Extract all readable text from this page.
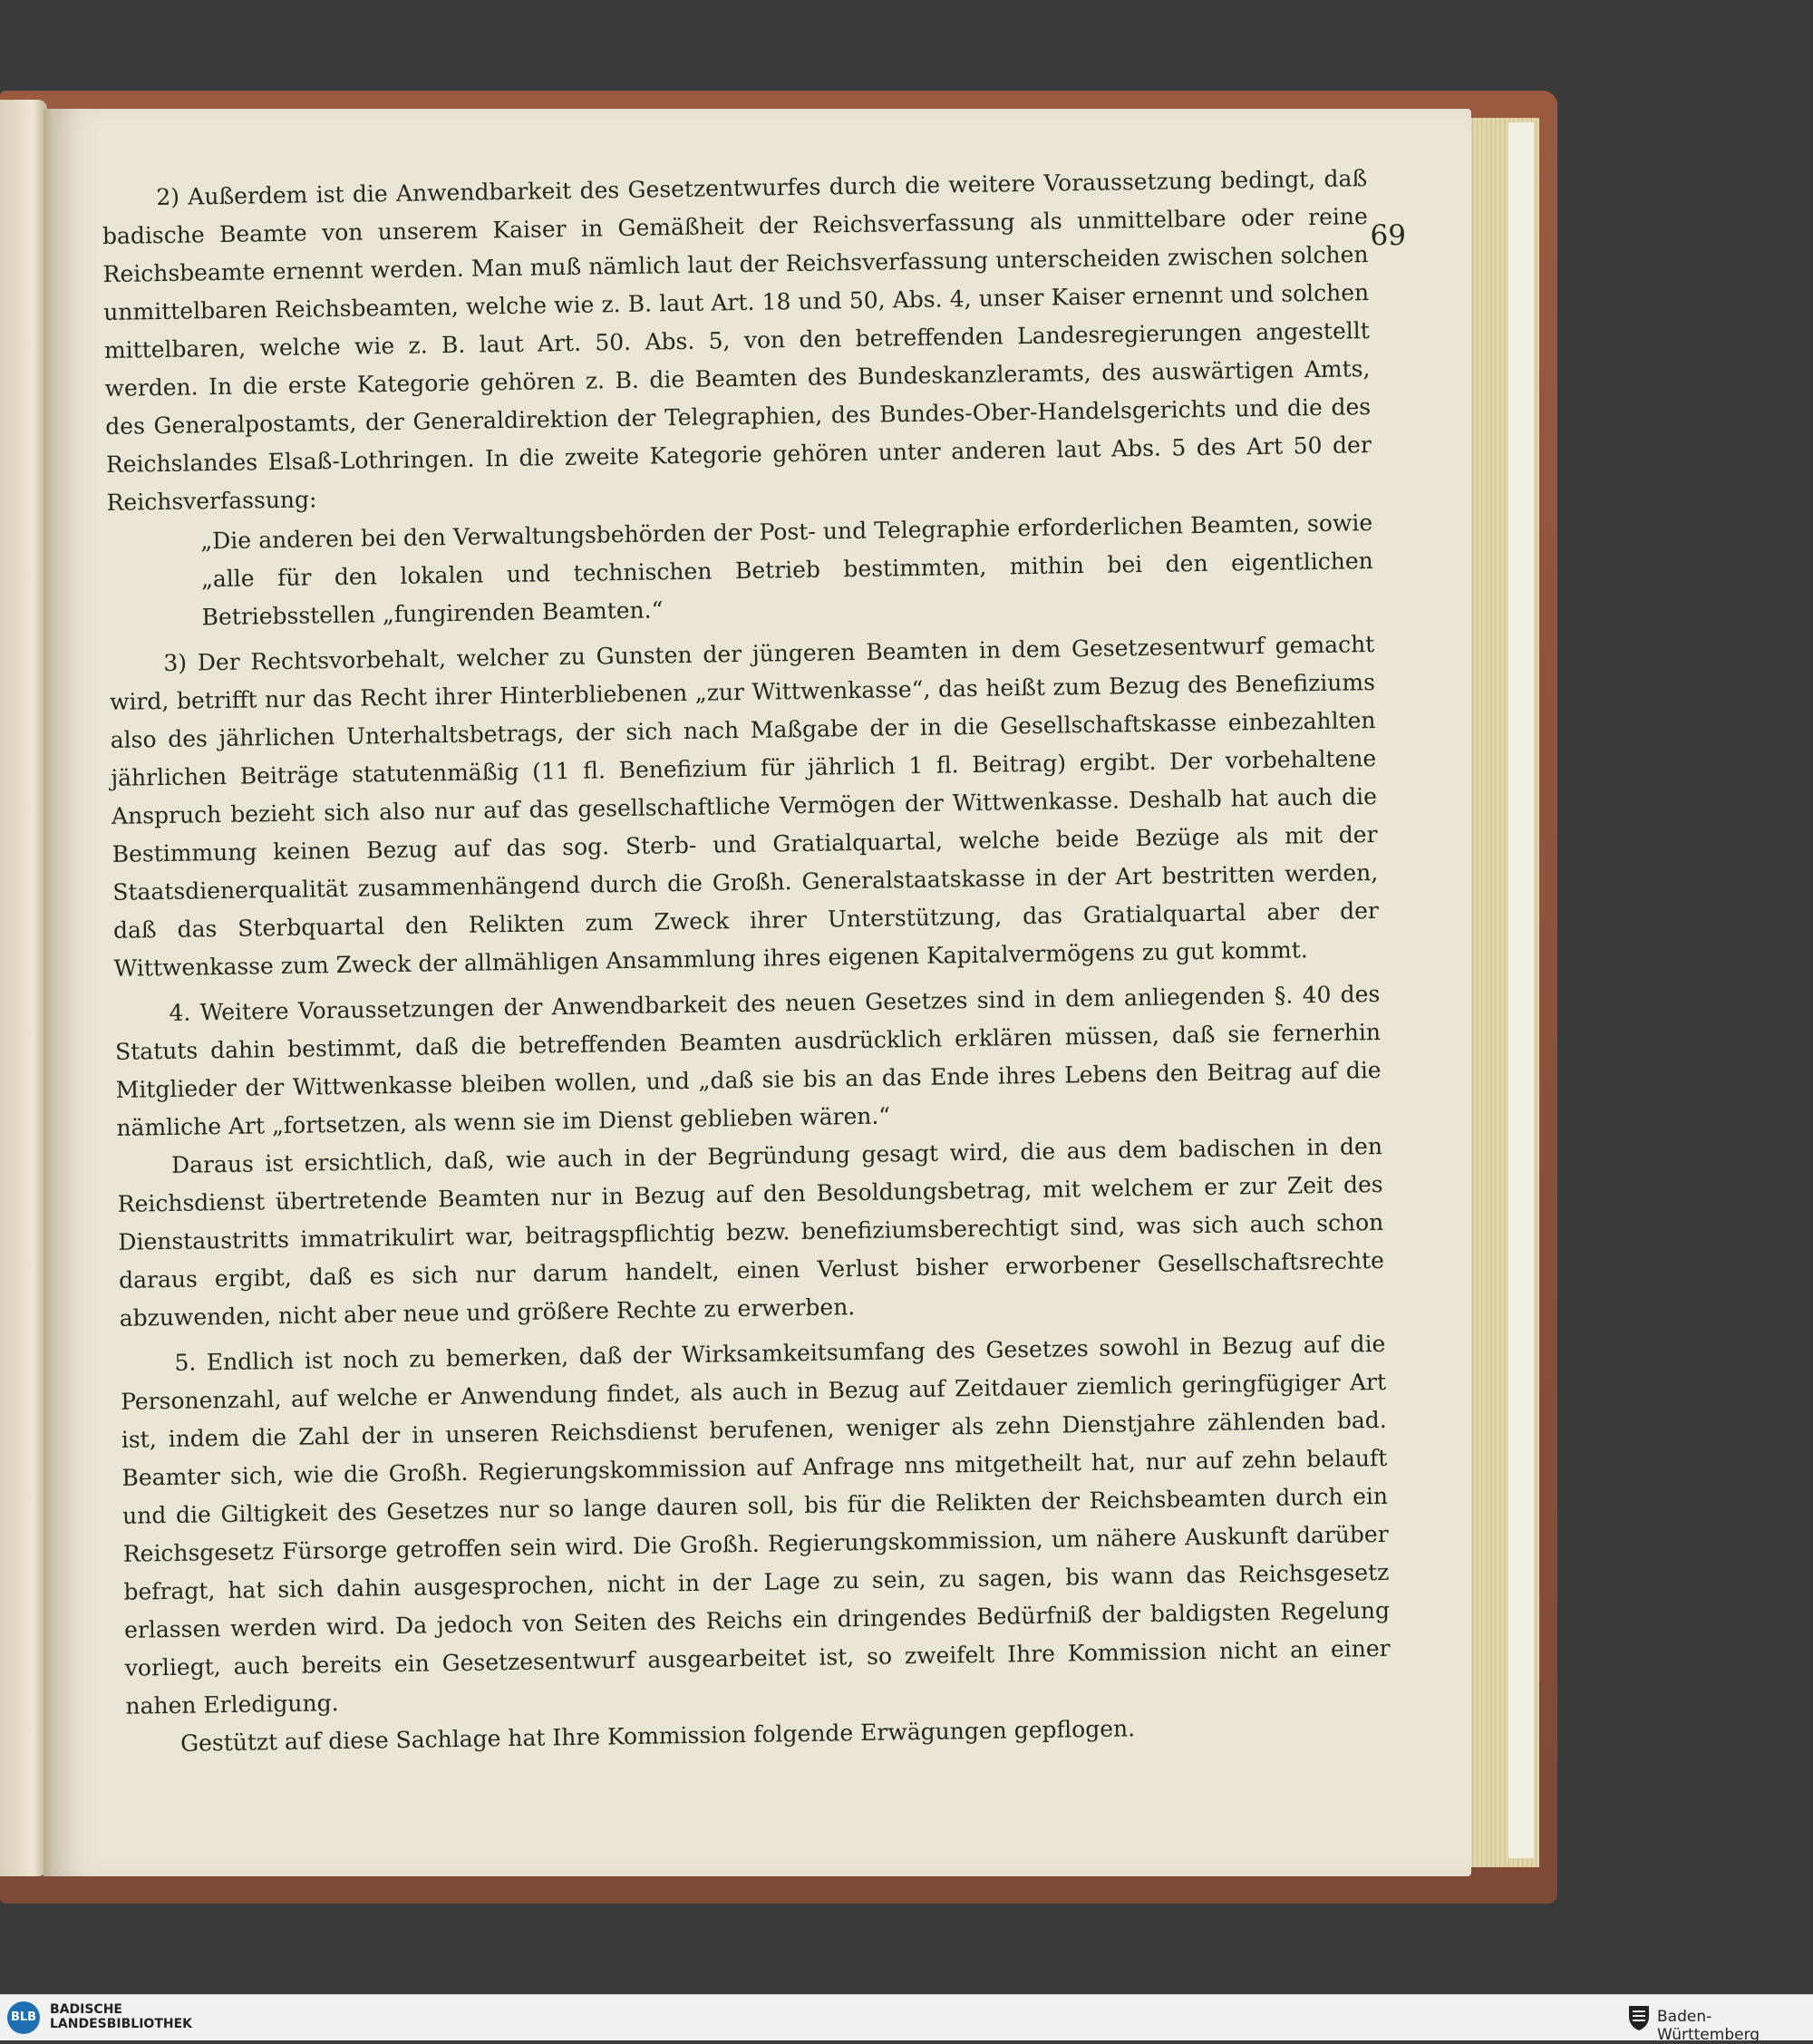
69

2) Außerdem ist die Anwendbarkeit des Gesetzentwurfes durch die weitere Voraussetzung bedingt, daß badische Beamte von unserem Kaiser in Gemäßheit der Reichsverfassung als unmittelbare oder reine Reichsbeamte ernennt werden. Man muß nämlich laut der Reichsverfassung unterscheiden zwischen solchen unmittelbaren Reichsbeamten, welche wie z. B. laut Art. 18 und 50, Abs. 4, unser Kaiser ernennt und solchen mittelbaren, welche wie z. B. laut Art. 50. Abs. 5, von den betreffenden Landesregierungen angestellt werden. In die erste Kategorie gehören z. B. die Beamten des Bundeskanzleramts, des auswärtigen Amts, des Generalpostamts, der Generaldirektion der Telegraphien, des Bundes-Ober-Handelsgerichts und die des Reichslandes Elsaß-Lothringen. In die zweite Kategorie gehören unter anderen laut Abs. 5 des Art 50 der Reichsverfassung:

„Die anderen bei den Verwaltungsbehörden der Post- und Telegraphie erforderlichen Beamten, sowie „alle für den lokalen und technischen Betrieb bestimmten, mithin bei den eigentlichen Betriebsstellen „fungirenden Beamten.“

3) Der Rechtsvorbehalt, welcher zu Gunsten der jüngeren Beamten in dem Gesetzesentwurf gemacht wird, betrifft nur das Recht ihrer Hinterbliebenen „zur Wittwenkasse“, das heißt zum Bezug des Benefiziums also des jährlichen Unterhaltsbetrags, der sich nach Maßgabe der in die Gesellschaftskasse einbezahlten jährlichen Beiträge statutenmäßig (11 fl. Benefizium für jährlich 1 fl. Beitrag) ergibt. Der vorbehaltene Anspruch bezieht sich also nur auf das gesellschaftliche Vermögen der Wittwenkasse. Deshalb hat auch die Bestimmung keinen Bezug auf das sog. Sterb- und Gratialquartal, welche beide Bezüge als mit der Staatsdienerqualität zusammenhängend durch die Großh. Generalstaatskasse in der Art bestritten werden, daß das Sterbquartal den Relikten zum Zweck ihrer Unterstützung, das Gratialquartal aber der Wittwenkasse zum Zweck der allmähligen Ansammlung ihres eigenen Kapitalvermögens zu gut kommt.

4. Weitere Voraussetzungen der Anwendbarkeit des neuen Gesetzes sind in dem anliegenden §. 40 des Statuts dahin bestimmt, daß die betreffenden Beamten ausdrücklich erklären müssen, daß sie fernerhin Mitglieder der Wittwenkasse bleiben wollen, und „daß sie bis an das Ende ihres Lebens den Beitrag auf die nämliche Art „fortsetzen, als wenn sie im Dienst geblieben wären.“

Daraus ist ersichtlich, daß, wie auch in der Begründung gesagt wird, die aus dem badischen in den Reichsdienst übertretende Beamten nur in Bezug auf den Besoldungsbetrag, mit welchem er zur Zeit des Dienstaustritts immatrikulirt war, beitragspflichtig bezw. benefiziumsberechtigt sind, was sich auch schon daraus ergibt, daß es sich nur darum handelt, einen Verlust bisher erworbener Gesellschaftsrechte abzuwenden, nicht aber neue und größere Rechte zu erwerben.

5. Endlich ist noch zu bemerken, daß der Wirksamkeitsumfang des Gesetzes sowohl in Bezug auf die Personenzahl, auf welche er Anwendung findet, als auch in Bezug auf Zeitdauer ziemlich geringfügiger Art ist, indem die Zahl der in unseren Reichsdienst berufenen, weniger als zehn Dienstjahre zählenden bad. Beamter sich, wie die Großh. Regierungskommission auf Anfrage nns mitgetheilt hat, nur auf zehn belauft und die Giltigkeit des Gesetzes nur so lange dauren soll, bis für die Relikten der Reichsbeamten durch ein Reichsgesetz Fürsorge getroffen sein wird. Die Großh. Regierungskommission, um nähere Auskunft darüber befragt, hat sich dahin ausgesprochen, nicht in der Lage zu sein, zu sagen, bis wann das Reichsgesetz erlassen werden wird. Da jedoch von Seiten des Reichs ein dringendes Bedürfniß der baldigsten Regelung vorliegt, auch bereits ein Gesetzesentwurf ausgearbeitet ist, so zweifelt Ihre Kommission nicht an einer nahen Erledigung.

Gestützt auf diese Sachlage hat Ihre Kommission folgende Erwägungen gepflogen.

BLB
BADISCHE
LANDESBIBLIOTHEK	Baden-Württemberg
